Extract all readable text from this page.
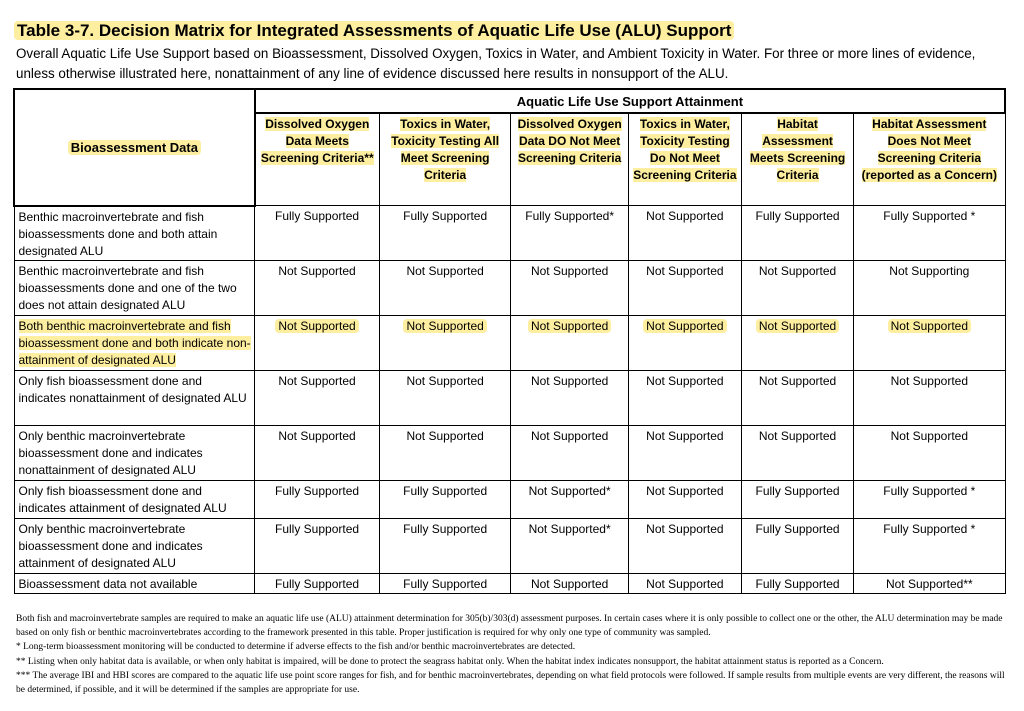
Table 3-7. Decision Matrix for Integrated Assessments of Aquatic Life Use (ALU) Support
Overall Aquatic Life Use Support based on Bioassessment, Dissolved Oxygen, Toxics in Water, and Ambient Toxicity in Water. For three or more lines of evidence, unless otherwise illustrated here, nonattainment of any line of evidence discussed here results in nonsupport of the ALU.
Bioassessment Data	Aquatic Life Use Support Attainment					
	Dissolved Oxygen Data Meets Screening Criteria**	Toxics in Water, Toxicity Testing All Meet Screening Criteria	Dissolved Oxygen Data DO Not Meet Screening Criteria	Toxics in Water, Toxicity Testing Do Not Meet Screening Criteria	Habitat Assessment Meets Screening Criteria	Habitat Assessment Does Not Meet Screening Criteria (reported as a Concern)
Benthic macroinvertebrate and fish bioassessments done and both attain designated ALU	Fully Supported	Fully Supported	Fully Supported*	Not Supported	Fully Supported	Fully Supported *
Benthic macroinvertebrate and fish bioassessments done and one of the two does not attain designated ALU	Not Supported	Not Supported	Not Supported	Not Supported	Not Supported	Not Supporting
Both benthic macroinvertebrate and fish bioassessment done and both indicate non-attainment of designated ALU	Not Supported	Not Supported	Not Supported	Not Supported	Not Supported	Not Supported
Only fish bioassessment done and indicates nonattainment of designated ALU	Not Supported	Not Supported	Not Supported	Not Supported	Not Supported	Not Supported
Only benthic macroinvertebrate bioassessment done and indicates nonattainment of designated ALU	Not Supported	Not Supported	Not Supported	Not Supported	Not Supported	Not Supported
Only fish bioassessment done and indicates attainment of designated ALU	Fully Supported	Fully Supported	Not Supported*	Not Supported	Fully Supported	Fully Supported *
Only benthic macroinvertebrate bioassessment done and indicates attainment of designated ALU	Fully Supported	Fully Supported	Not Supported*	Not Supported	Fully Supported	Fully Supported *
Bioassessment data not available	Fully Supported	Fully Supported	Not Supported	Not Supported	Fully Supported	Not Supported**

Both fish and macroinvertebrate samples are required to make an aquatic life use (ALU) attainment determination for 305(b)/303(d) assessment purposes. In certain cases where it is only possible to collect one or the other, the ALU determination may be made based on only fish or benthic macroinvertebrates according to the framework presented in this table. Proper justification is required for why only one type of community was sampled.

* Long-term bioassessment monitoring will be conducted to determine if adverse effects to the fish and/or benthic macroinvertebrates are detected.

** Listing when only habitat data is available, or when only habitat is impaired, will be done to protect the seagrass habitat only. When the habitat index indicates nonsupport, the habitat attainment status is reported as a Concern.

*** The average IBI and HBI scores are compared to the aquatic life use point score ranges for fish, and for benthic macroinvertebrates, depending on what field protocols were followed. If sample results from multiple events are very different, the reasons will be determined, if possible, and it will be determined if the samples are appropriate for use.
